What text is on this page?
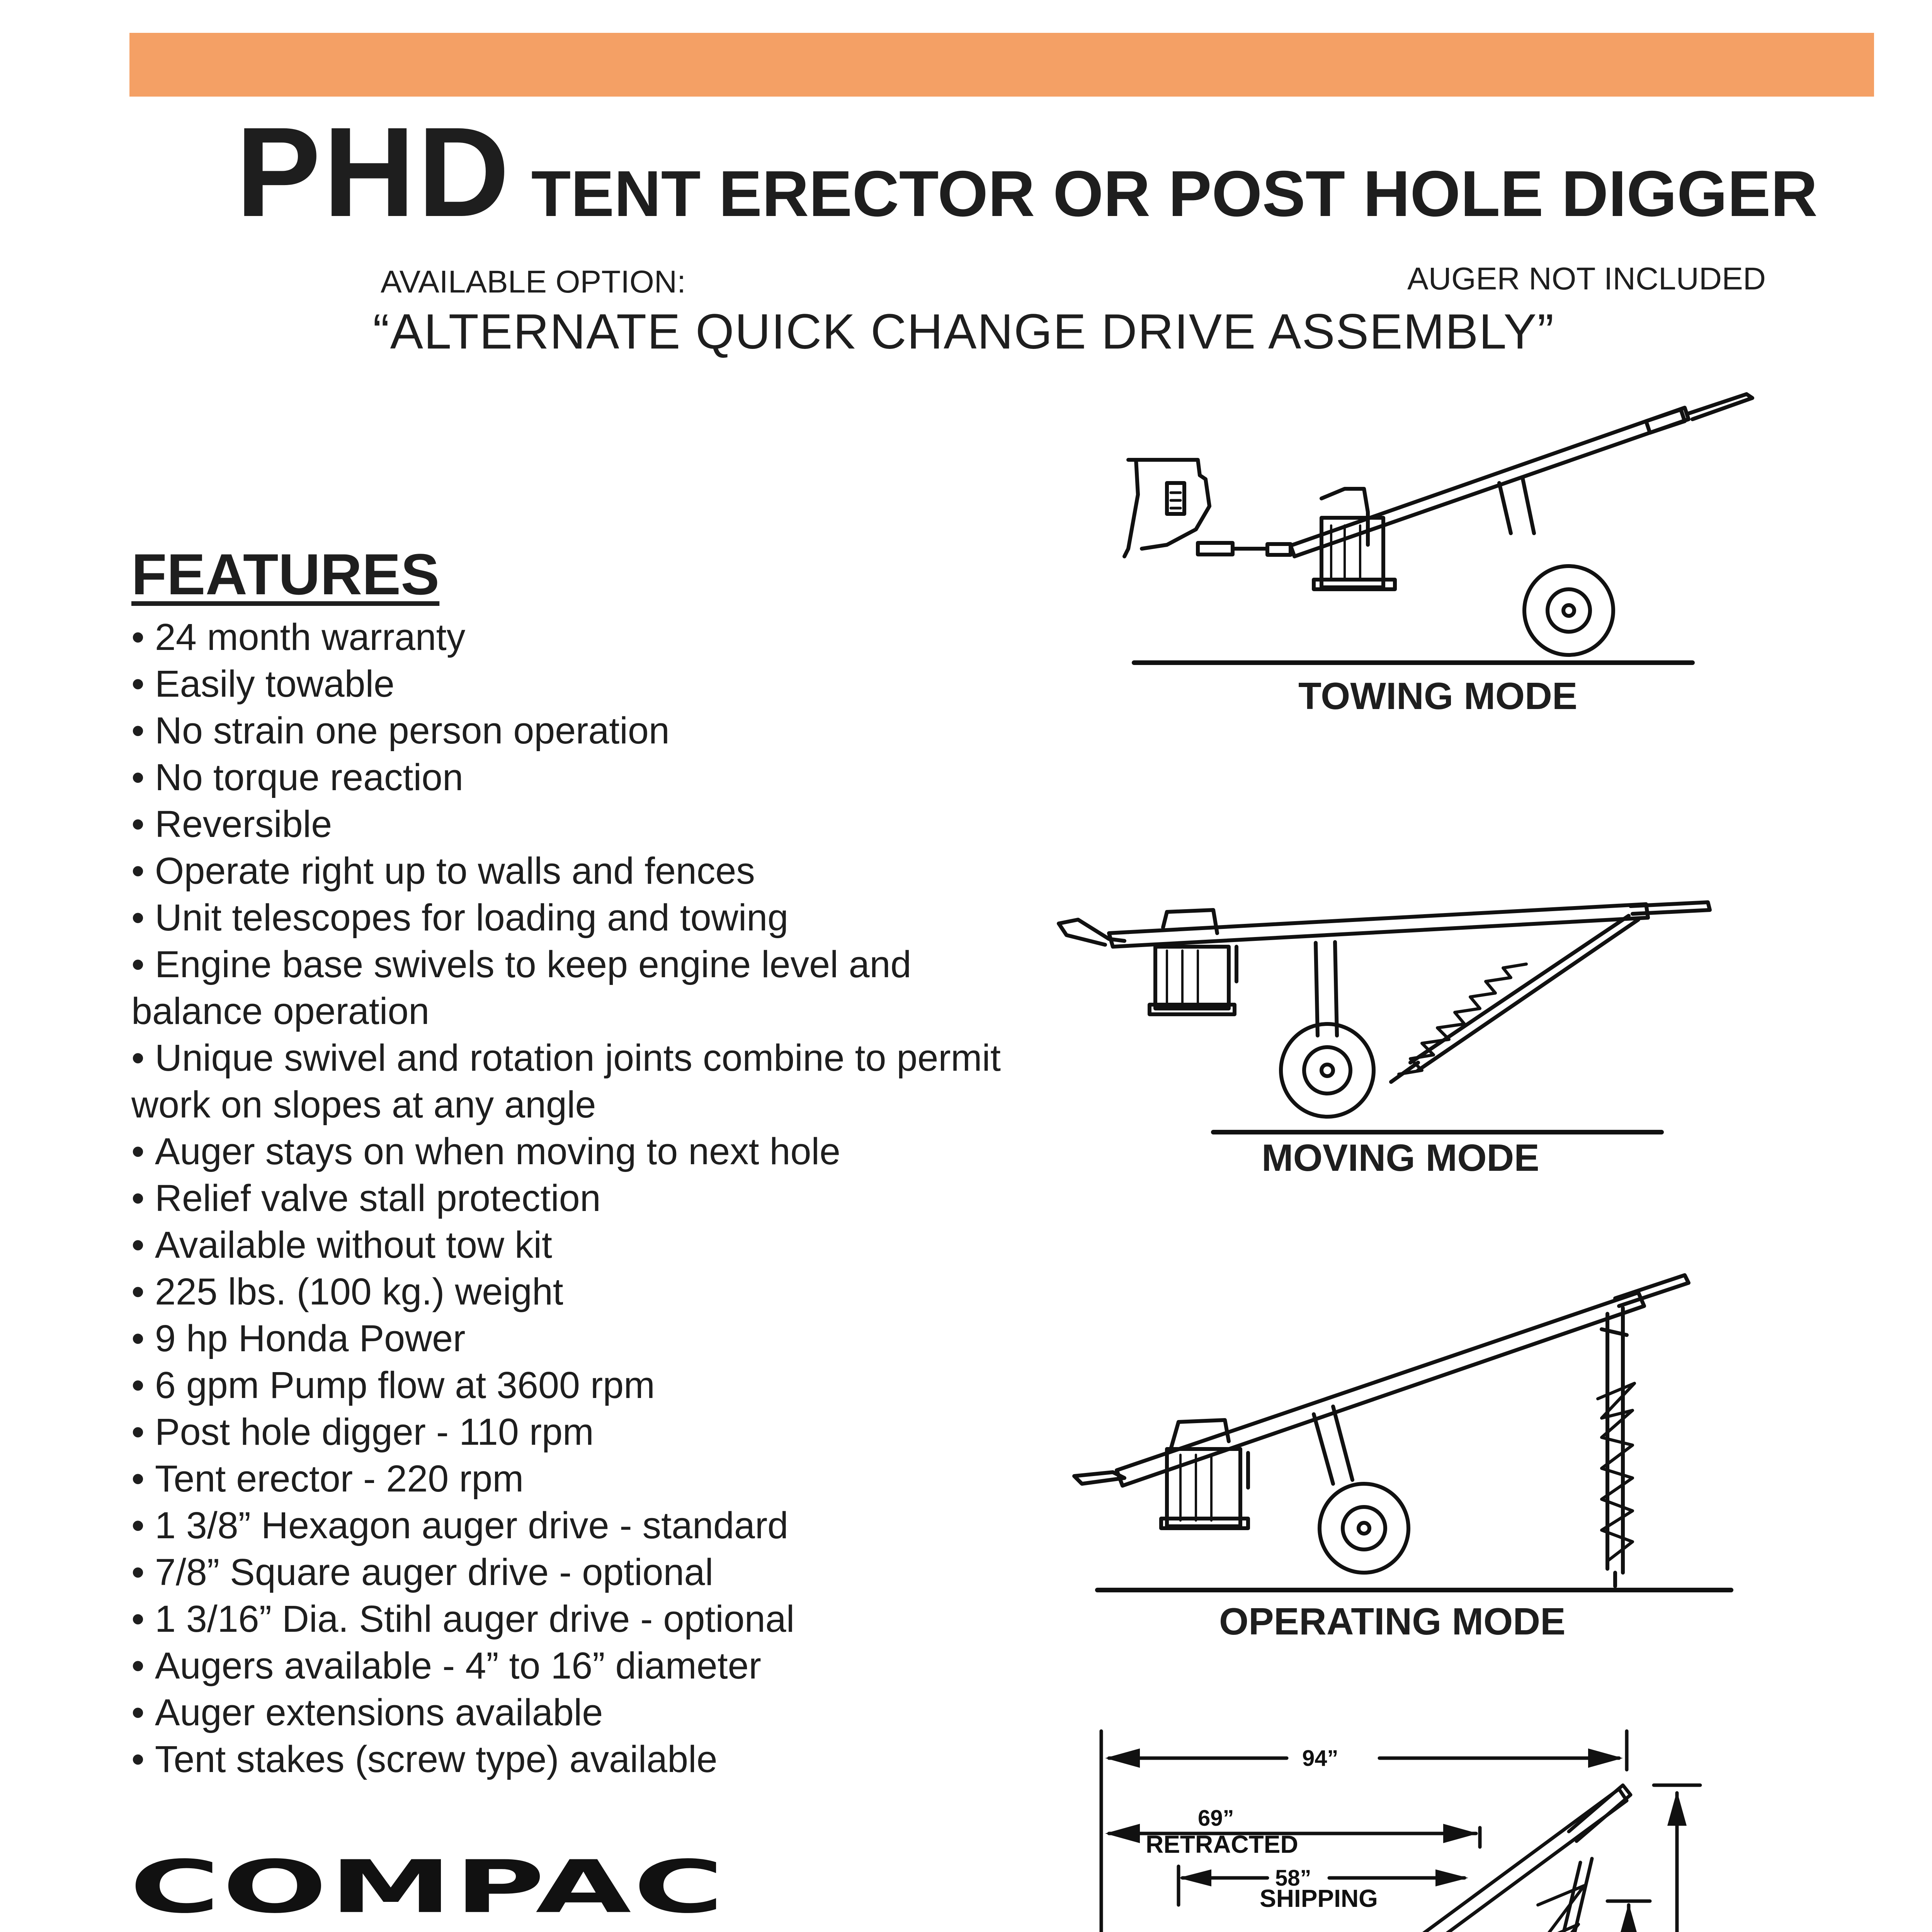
PHD TENT ERECTOR OR POST HOLE DIGGER
AVAILABLE OPTION:	AUGER NOT INCLUDED
“ALTERNATE QUICK CHANGE DRIVE ASSEMBLY”
FEATURES
• 24 month warranty
• Easily towable
• No strain one person operation
• No torque reaction
• Reversible
• Operate right up to walls and fences
• Unit telescopes for loading and towing
• Engine base swivels to keep engine level and balance operation
• Unique swivel and rotation joints combine to permit work on slopes at any angle
• Auger stays on when moving to next hole
• Relief valve stall protection
• Available without tow kit
• 225 lbs. (100 kg.) weight
• 9 hp Honda Power
• 6 gpm Pump flow at 3600 rpm
• Post hole digger - 110 rpm
• Tent erector - 220 rpm
• 1 3/8” Hexagon auger drive - standard
• 7/8” Square auger drive - optional
• 1 3/16” Dia. Stihl auger drive - optional
• Augers available - 4” to 16” diameter
• Auger extensions available
• Tent stakes (screw type) available
COMPAC
TOWING MODE
MOVING MODE
OPERATING MODE
94”
69”
RETRACTED
58”
SHIPPING
